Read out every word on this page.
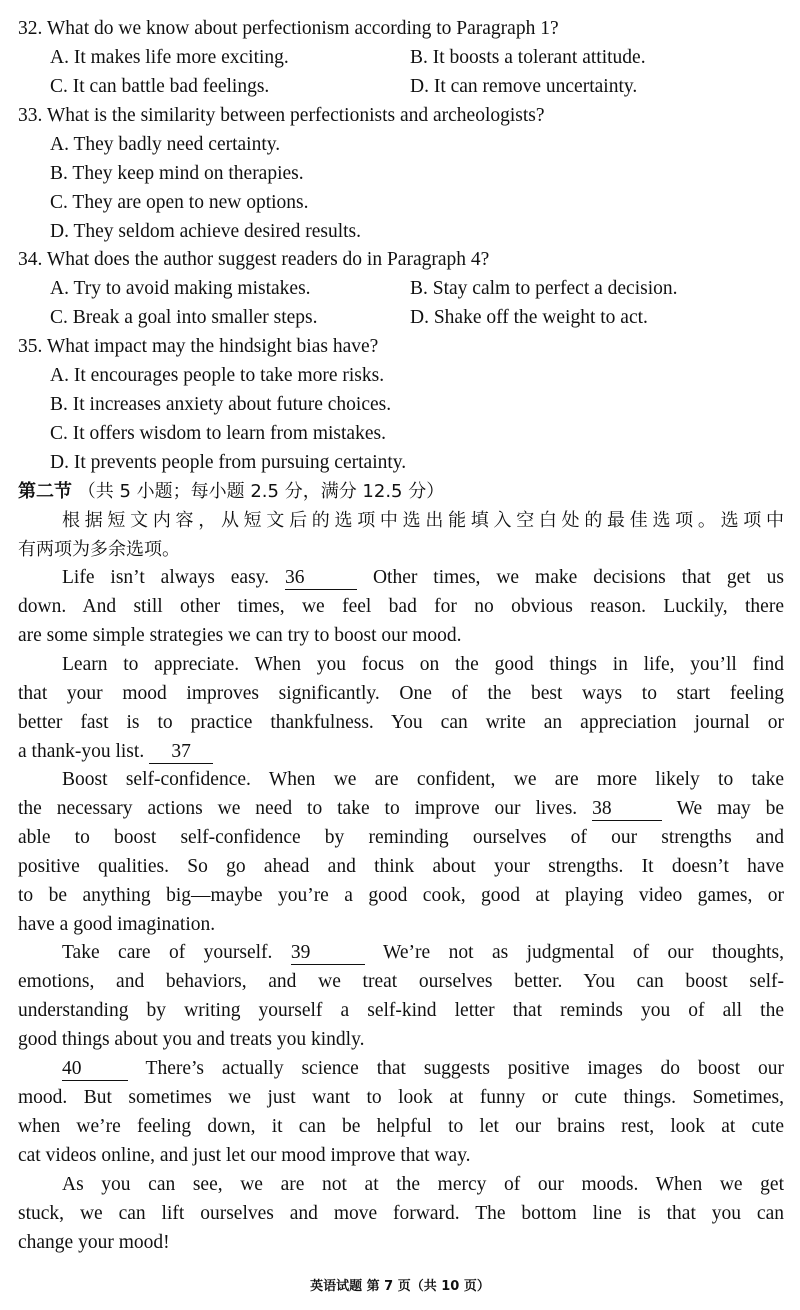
32. What do we know about perfectionism according to Paragraph 1?
A. It makes life more exciting.	B. It boosts a tolerant attitude.
C. It can battle bad feelings.	D. It can remove uncertainty.
33. What is the similarity between perfectionists and archeologists?
A. They badly need certainty.
B. They keep mind on therapies.
C. They are open to new options.
D. They seldom achieve desired results.
34. What does the author suggest readers do in Paragraph 4?
A. Try to avoid making mistakes.	B. Stay calm to perfect a decision.
C. Break a goal into smaller steps.	D. Shake off the weight to act.
35. What impact may the hindsight bias have?
A. It encourages people to take more risks.
B. It increases anxiety about future choices.
C. It offers wisdom to learn from mistakes.
D. It prevents people from pursuing certainty.
第二节 （共 5 小题；每小题 2.5 分，满分 12.5 分）
根据短文内容，从短文后的选项中选出能填入空白处的最佳选项。选项中
有两项为多余选项。
Life isn’t always easy. 36	Other times, we make decisions that get us
down. And still other times, we feel bad for no obvious reason. Luckily, there
are some simple strategies we can try to boost our mood.
Learn to appreciate. When you focus on the good things in life, you’ll find
that your mood improves significantly. One of the best ways to start feeling
better fast is to practice thankfulness. You can write an appreciation journal or
a thank-you list. 37
Boost self-confidence. When we are confident, we are more likely to take
the necessary actions we need to take to improve our lives. 38	We may be
able to boost self-confidence by reminding ourselves of our strengths and
positive qualities. So go ahead and think about your strengths. It doesn’t have
to be anything big—maybe you’re a good cook, good at playing video games, or
have a good imagination.
Take care of yourself. 39	We’re not as judgmental of our thoughts,
emotions, and behaviors, and we treat ourselves better. You can boost self-
understanding by writing yourself a self-kind letter that reminds you of all the
good things about you and treats you kindly.
40	There’s actually science that suggests positive images do boost our
mood. But sometimes we just want to look at funny or cute things. Sometimes,
when we’re feeling down, it can be helpful to let our brains rest, look at cute
cat videos online, and just let our mood improve that way.
As you can see, we are not at the mercy of our moods. When we get
stuck, we can lift ourselves and move forward. The bottom line is that you can
change your mood!
英语试题 第 7 页（共 10 页）
